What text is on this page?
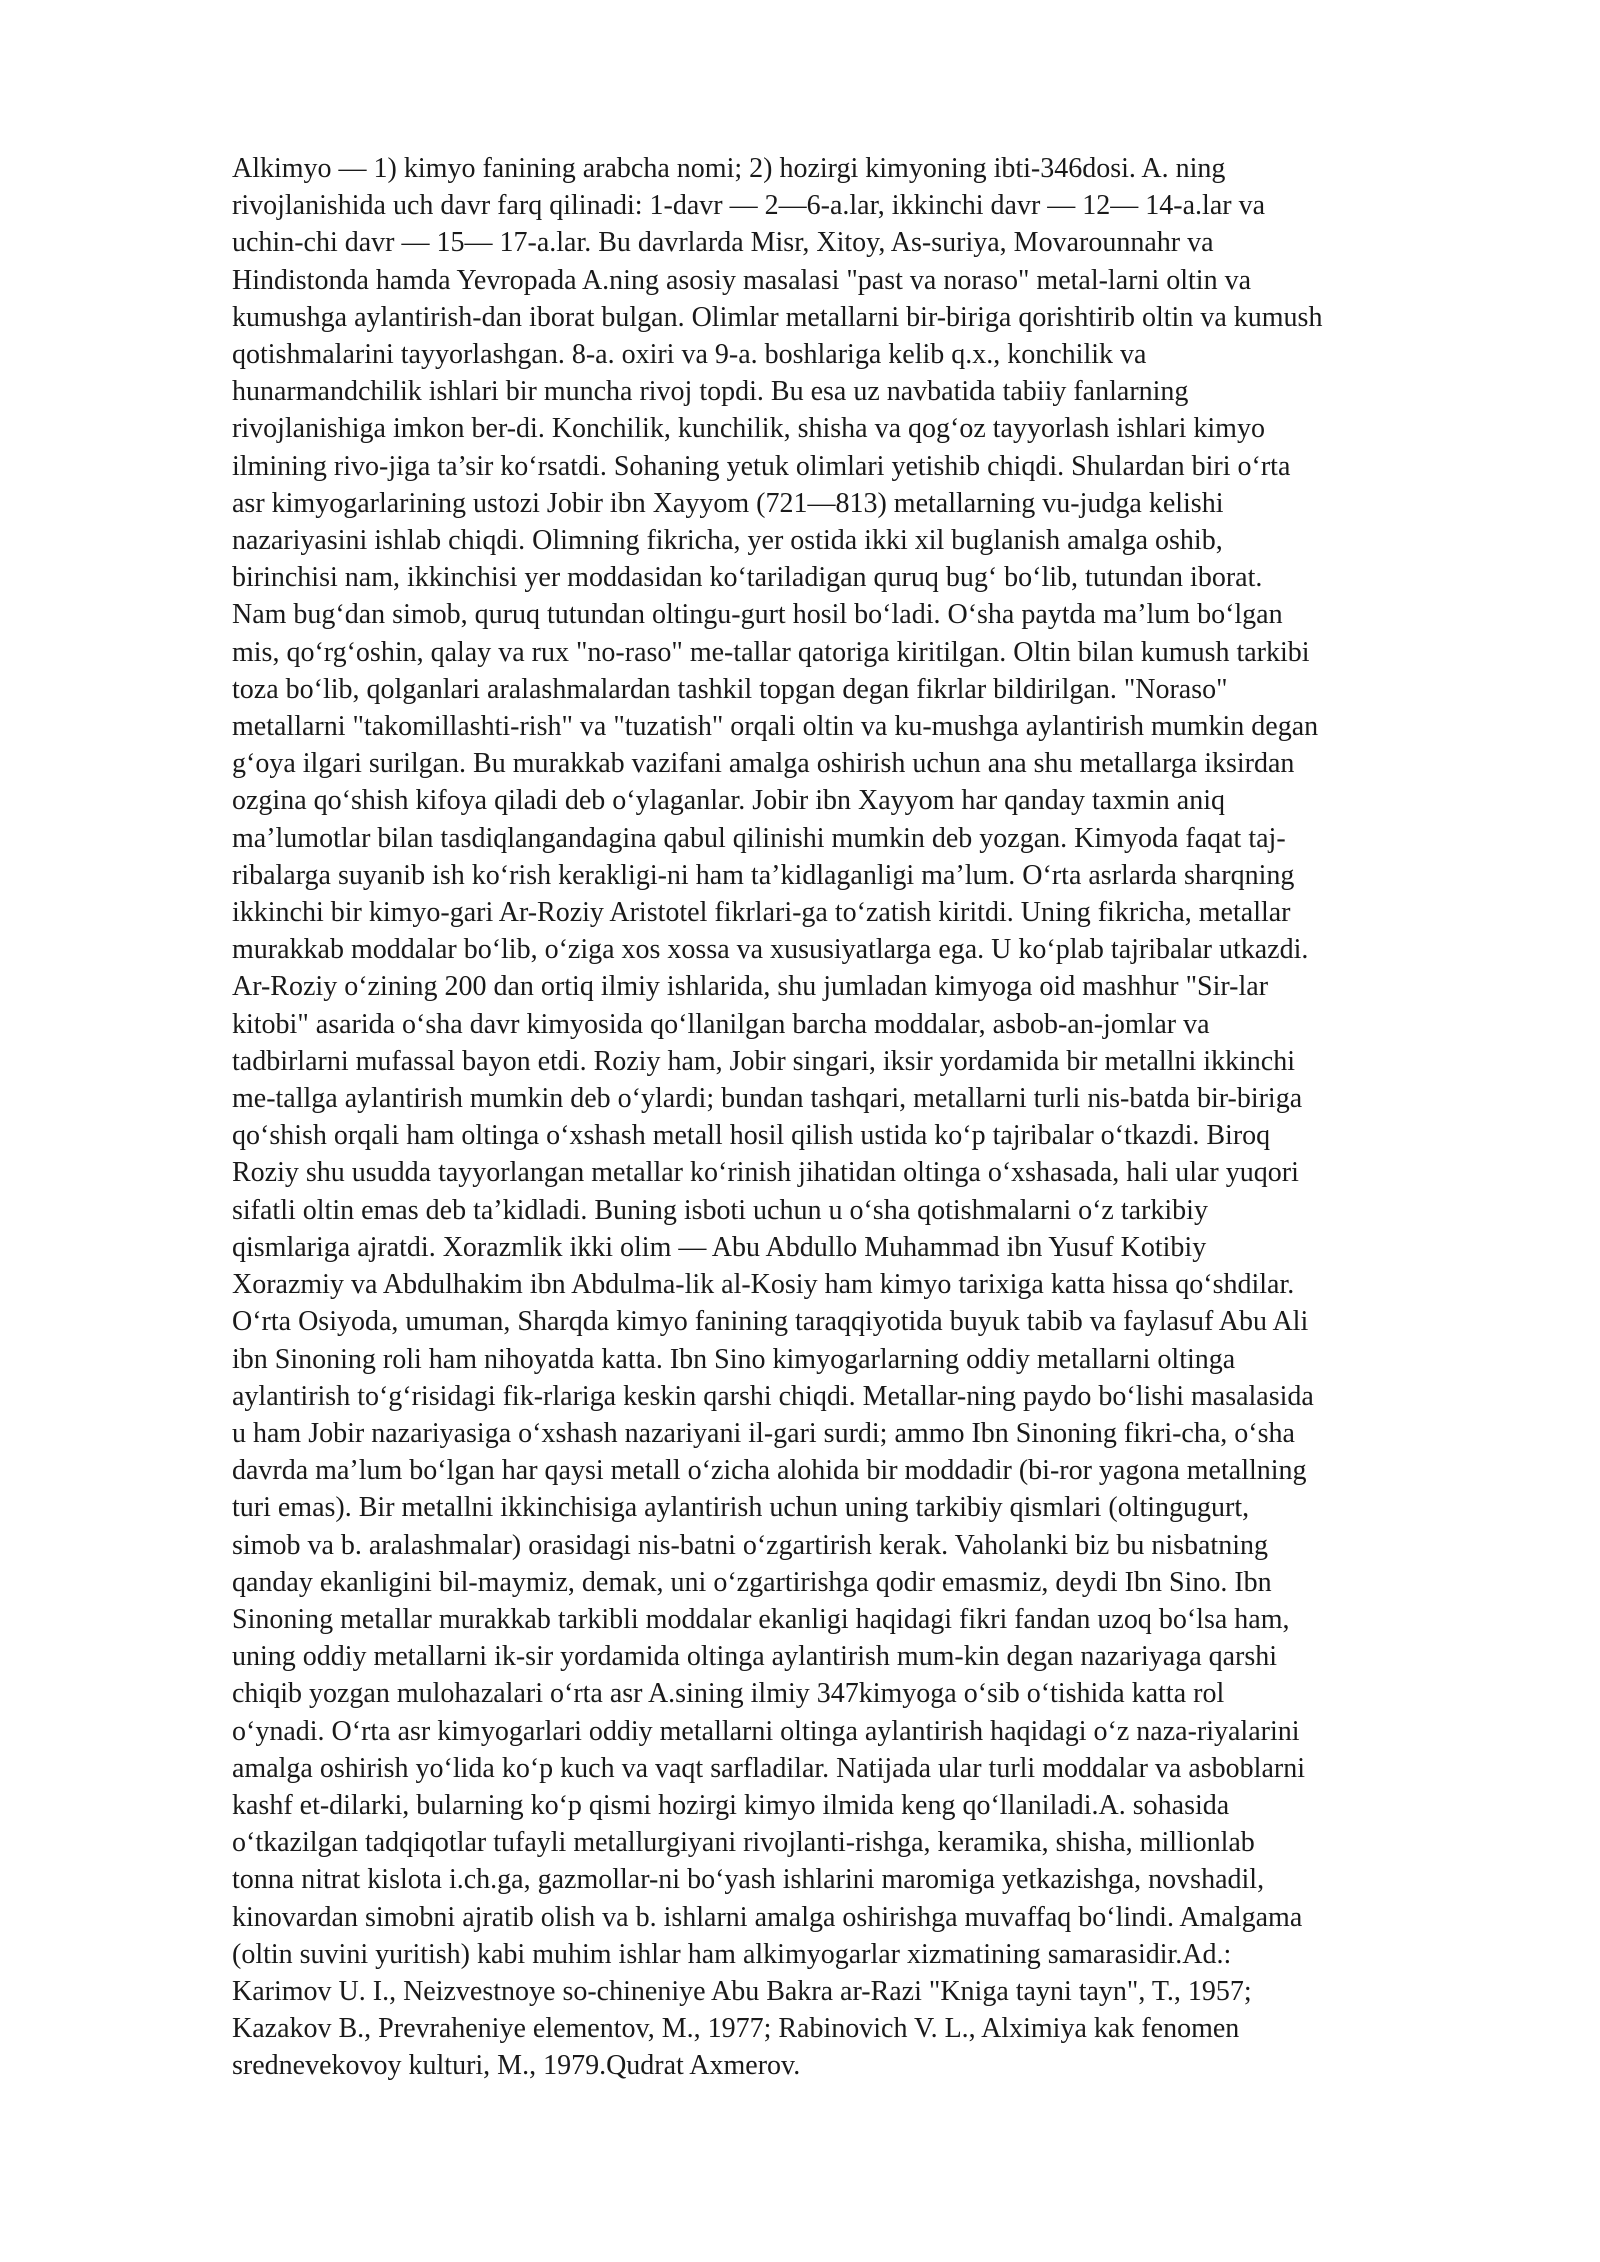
Alkimyo — 1) kimyo fanining arabcha nomi; 2) hozirgi kimyoning ibti-346dosi. A. ning
rivojlanishida uch davr farq qilinadi: 1-davr — 2—6-a.lar, ikkinchi davr — 12— 14-a.lar va
uchin-chi davr — 15— 17-a.lar. Bu davrlarda Misr, Xitoy, As-suriya, Movarounnahr va
Hindistonda hamda Yevropada A.ning asosiy masalasi "past va noraso" metal-larni oltin va
kumushga aylantirish-dan iborat bulgan. Olimlar metallarni bir-biriga qorishtirib oltin va kumush
qotishmalarini tayyorlashgan. 8-a. oxiri va 9-a. boshlariga kelib q.x., konchilik va
hunarmandchilik ishlari bir muncha rivoj topdi. Bu esa uz navbatida tabiiy fanlarning
rivojlanishiga imkon ber-di. Konchilik, kunchilik, shisha va qog‘oz tayyorlash ishlari kimyo
ilmining rivo-jiga ta’sir ko‘rsatdi. Sohaning yetuk olimlari yetishib chiqdi. Shulardan biri o‘rta
asr kimyogarlarining ustozi Jobir ibn Xayyom (721—813) metallarning vu-judga kelishi
nazariyasini ishlab chiqdi. Olimning fikricha, yer ostida ikki xil buglanish amalga oshib,
birinchisi nam, ikkinchisi yer moddasidan ko‘tariladigan quruq bug‘ bo‘lib, tutundan iborat.
Nam bug‘dan simob, quruq tutundan oltingu-gurt hosil bo‘ladi. O‘sha paytda ma’lum bo‘lgan
mis, qo‘rg‘oshin, qalay va rux "no-raso" me-tallar qatoriga kiritilgan. Oltin bilan kumush tarkibi
toza bo‘lib, qolganlari aralashmalardan tashkil topgan degan fikrlar bildirilgan. "Noraso"
metallarni "takomillashti-rish" va "tuzatish" orqali oltin va ku-mushga aylantirish mumkin degan
g‘oya ilgari surilgan. Bu murakkab vazifani amalga oshirish uchun ana shu metallarga iksirdan
ozgina qo‘shish kifoya qiladi deb o‘ylaganlar. Jobir ibn Xayyom har qanday taxmin aniq
ma’lumotlar bilan tasdiqlangandagina qabul qilinishi mumkin deb yozgan. Kimyoda faqat taj-
ribalarga suyanib ish ko‘rish kerakligi-ni ham ta’kidlaganligi ma’lum. O‘rta asrlarda sharqning
ikkinchi bir kimyo-gari Ar-Roziy Aristotel fikrlari-ga to‘zatish kiritdi. Uning fikricha, metallar
murakkab moddalar bo‘lib, o‘ziga xos xossa va xususiyatlarga ega. U ko‘plab tajribalar utkazdi.
Ar-Roziy o‘zining 200 dan ortiq ilmiy ishlarida, shu jumladan kimyoga oid mashhur "Sir-lar
kitobi" asarida o‘sha davr kimyosida qo‘llanilgan barcha moddalar, asbob-an-jomlar va
tadbirlarni mufassal bayon etdi. Roziy ham, Jobir singari, iksir yordamida bir metallni ikkinchi
me-tallga aylantirish mumkin deb o‘ylardi; bundan tashqari, metallarni turli nis-batda bir-biriga
qo‘shish orqali ham oltinga o‘xshash metall hosil qilish ustida ko‘p tajribalar o‘tkazdi. Biroq
Roziy shu usudda tayyorlangan metallar ko‘rinish jihatidan oltinga o‘xshasada, hali ular yuqori
sifatli oltin emas deb ta’kidladi. Buning isboti uchun u o‘sha qotishmalarni o‘z tarkibiy
qismlariga ajratdi. Xorazmlik ikki olim — Abu Abdullo Muhammad ibn Yusuf Kotibiy
Xorazmiy va Abdulhakim ibn Abdulma-lik al-Kosiy ham kimyo tarixiga katta hissa qo‘shdilar.
O‘rta Osiyoda, umuman, Sharqda kimyo fanining taraqqiyotida buyuk tabib va faylasuf Abu Ali
ibn Sinoning roli ham nihoyatda katta. Ibn Sino kimyogarlarning oddiy metallarni oltinga
aylantirish to‘g‘risidagi fik-rlariga keskin qarshi chiqdi. Metallar-ning paydo bo‘lishi masalasida
u ham Jobir nazariyasiga o‘xshash nazariyani il-gari surdi; ammo Ibn Sinoning fikri-cha, o‘sha
davrda ma’lum bo‘lgan har qaysi metall o‘zicha alohida bir moddadir (bi-ror yagona metallning
turi emas). Bir metallni ikkinchisiga aylantirish uchun uning tarkibiy qismlari (oltingugurt,
simob va b. aralashmalar) orasidagi nis-batni o‘zgartirish kerak. Vaholanki biz bu nisbatning
qanday ekanligini bil-maymiz, demak, uni o‘zgartirishga qodir emasmiz, deydi Ibn Sino. Ibn
Sinoning metallar murakkab tarkibli moddalar ekanligi haqidagi fikri fandan uzoq bo‘lsa ham,
uning oddiy metallarni ik-sir yordamida oltinga aylantirish mum-kin degan nazariyaga qarshi
chiqib yozgan mulohazalari o‘rta asr A.sining ilmiy 347kimyoga o‘sib o‘tishida katta rol
o‘ynadi. O‘rta asr kimyogarlari oddiy metallarni oltinga aylantirish haqidagi o‘z naza-riyalarini
amalga oshirish yo‘lida ko‘p kuch va vaqt sarfladilar. Natijada ular turli moddalar va asboblarni
kashf et-dilarki, bularning ko‘p qismi hozirgi kimyo ilmida keng qo‘llaniladi.A. sohasida
o‘tkazilgan tadqiqotlar tufayli metallurgiyani rivojlanti-rishga, keramika, shisha, millionlab
tonna nitrat kislota i.ch.ga, gazmollar-ni bo‘yash ishlarini maromiga yetkazishga, novshadil,
kinovardan simobni ajratib olish va b. ishlarni amalga oshirishga muvaffaq bo‘lindi. Amalgama
(oltin suvini yuritish) kabi muhim ishlar ham alkimyogarlar xizmatining samarasidir.Ad.:
Karimov U. I., Neizvestnoye so-chineniye Abu Bakra ar-Razi "Kniga tayni tayn", T., 1957;
Kazakov B., Prevraheniye elementov, M., 1977; Rabinovich V. L., Alximiya kak fenomen
srednevekovoy kulturi, M., 1979.Qudrat Axmerov.
